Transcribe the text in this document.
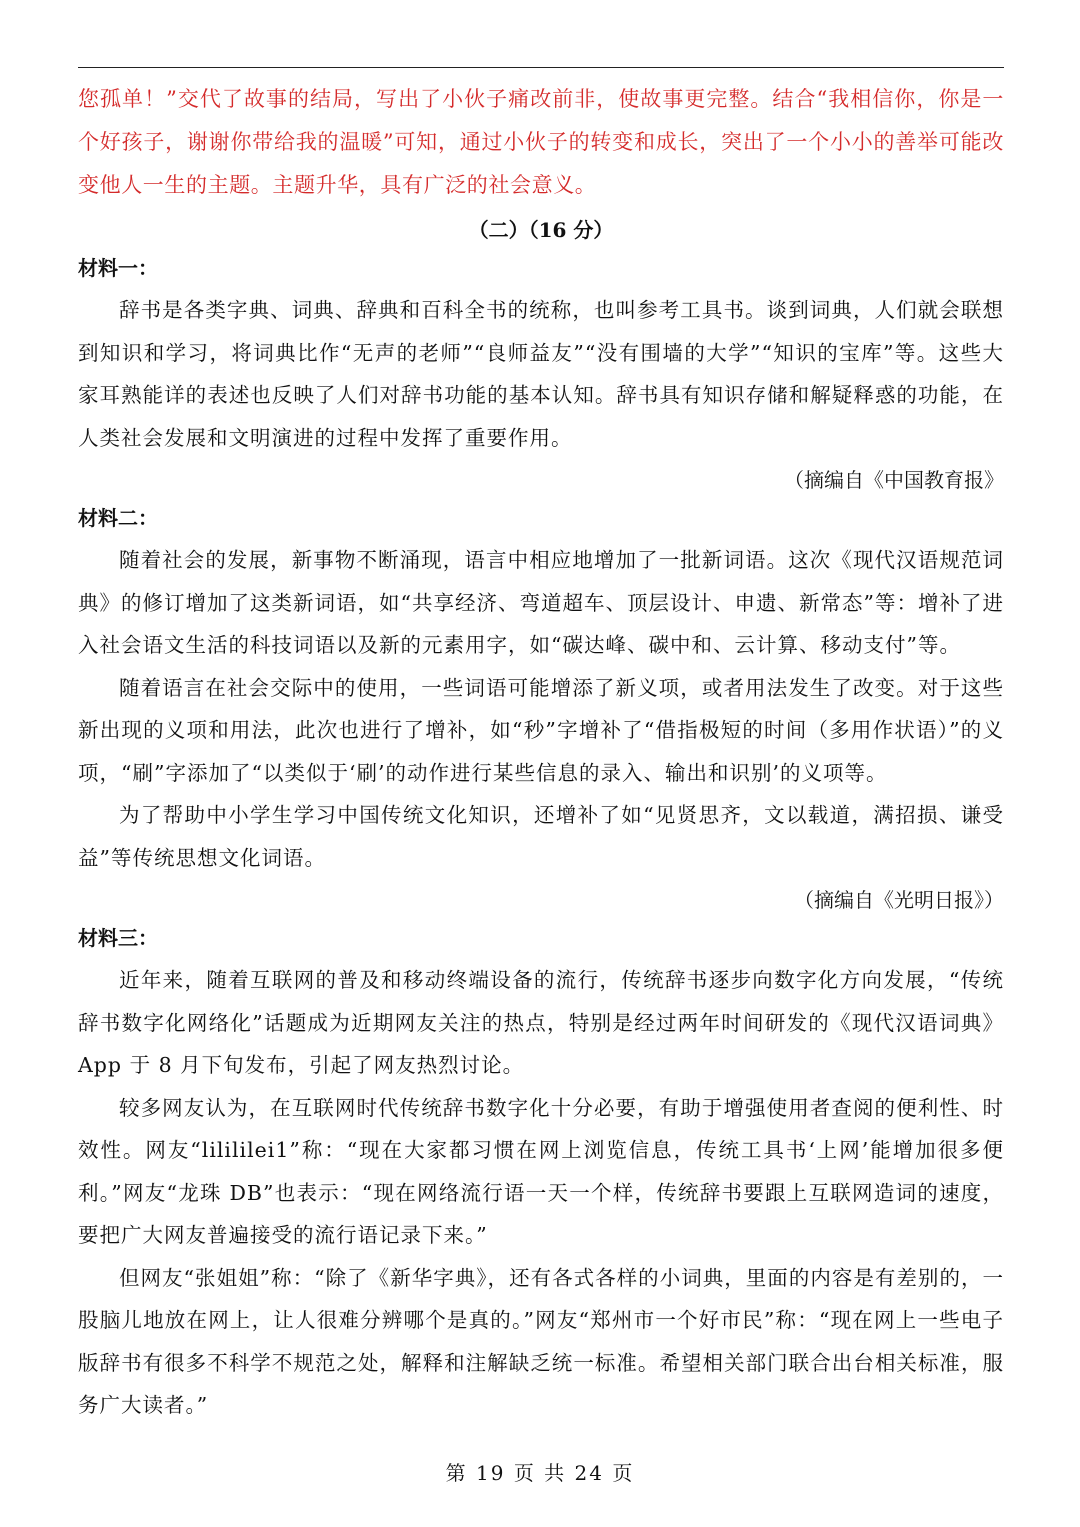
您孤单！”交代了故事的结局，写出了小伙子痛改前非，使故事更完整。结合“我相信你，你是一个好孩子，谢谢你带给我的温暖”可知，通过小伙子的转变和成长，突出了一个小小的善举可能改变他人一生的主题。主题升华，具有广泛的社会意义。

（二）（16 分）
材料一：

辞书是各类字典、词典、辞典和百科全书的统称，也叫参考工具书。谈到词典，人们就会联想到知识和学习，将词典比作“无声的老师”“良师益友”“没有围墙的大学”“知识的宝库”等。这些大家耳熟能详的表述也反映了人们对辞书功能的基本认知。辞书具有知识存储和解疑释惑的功能，在人类社会发展和文明演进的过程中发挥了重要作用。

（摘编自《中国教育报》
材料二：

随着社会的发展，新事物不断涌现，语言中相应地增加了一批新词语。这次《现代汉语规范词典》的修订增加了这类新词语，如“共享经济、弯道超车、顶层设计、申遗、新常态”等：增补了进入社会语文生活的科技词语以及新的元素用字，如“碳达峰、碳中和、云计算、移动支付”等。

随着语言在社会交际中的使用，一些词语可能增添了新义项，或者用法发生了改变。对于这些新出现的义项和用法，此次也进行了增补，如“秒”字增补了“借指极短的时间（多用作状语）”的义项，“刷”字添加了“以类似于‘刷’的动作进行某些信息的录入、输出和识别’的义项等。

为了帮助中小学生学习中国传统文化知识，还增补了如“见贤思齐，文以载道，满招损、谦受益”等传统思想文化词语。

（摘编自《光明日报》）
材料三：

近年来，随着互联网的普及和移动终端设备的流行，传统辞书逐步向数字化方向发展，“传统辞书数字化网络化”话题成为近期网友关注的热点，特别是经过两年时间研发的《现代汉语词典》App 于 8 月下旬发布，引起了网友热烈讨论。

较多网友认为，在互联网时代传统辞书数字化十分必要，有助于增强使用者查阅的便利性、时效性。网友“lilililei1”称：“现在大家都习惯在网上浏览信息，传统工具书‘上网’能增加很多便利。”网友“龙珠 DB”也表示：“现在网络流行语一天一个样，传统辞书要跟上互联网造词的速度，要把广大网友普遍接受的流行语记录下来。”

但网友“张姐姐”称：“除了《新华字典》，还有各式各样的小词典，里面的内容是有差别的，一股脑儿地放在网上，让人很难分辨哪个是真的。”网友“郑州市一个好市民”称：“现在网上一些电子版辞书有很多不科学不规范之处，解释和注解缺乏统一标准。希望相关部门联合出台相关标准，服务广大读者。”

第 19 页 共 24 页
